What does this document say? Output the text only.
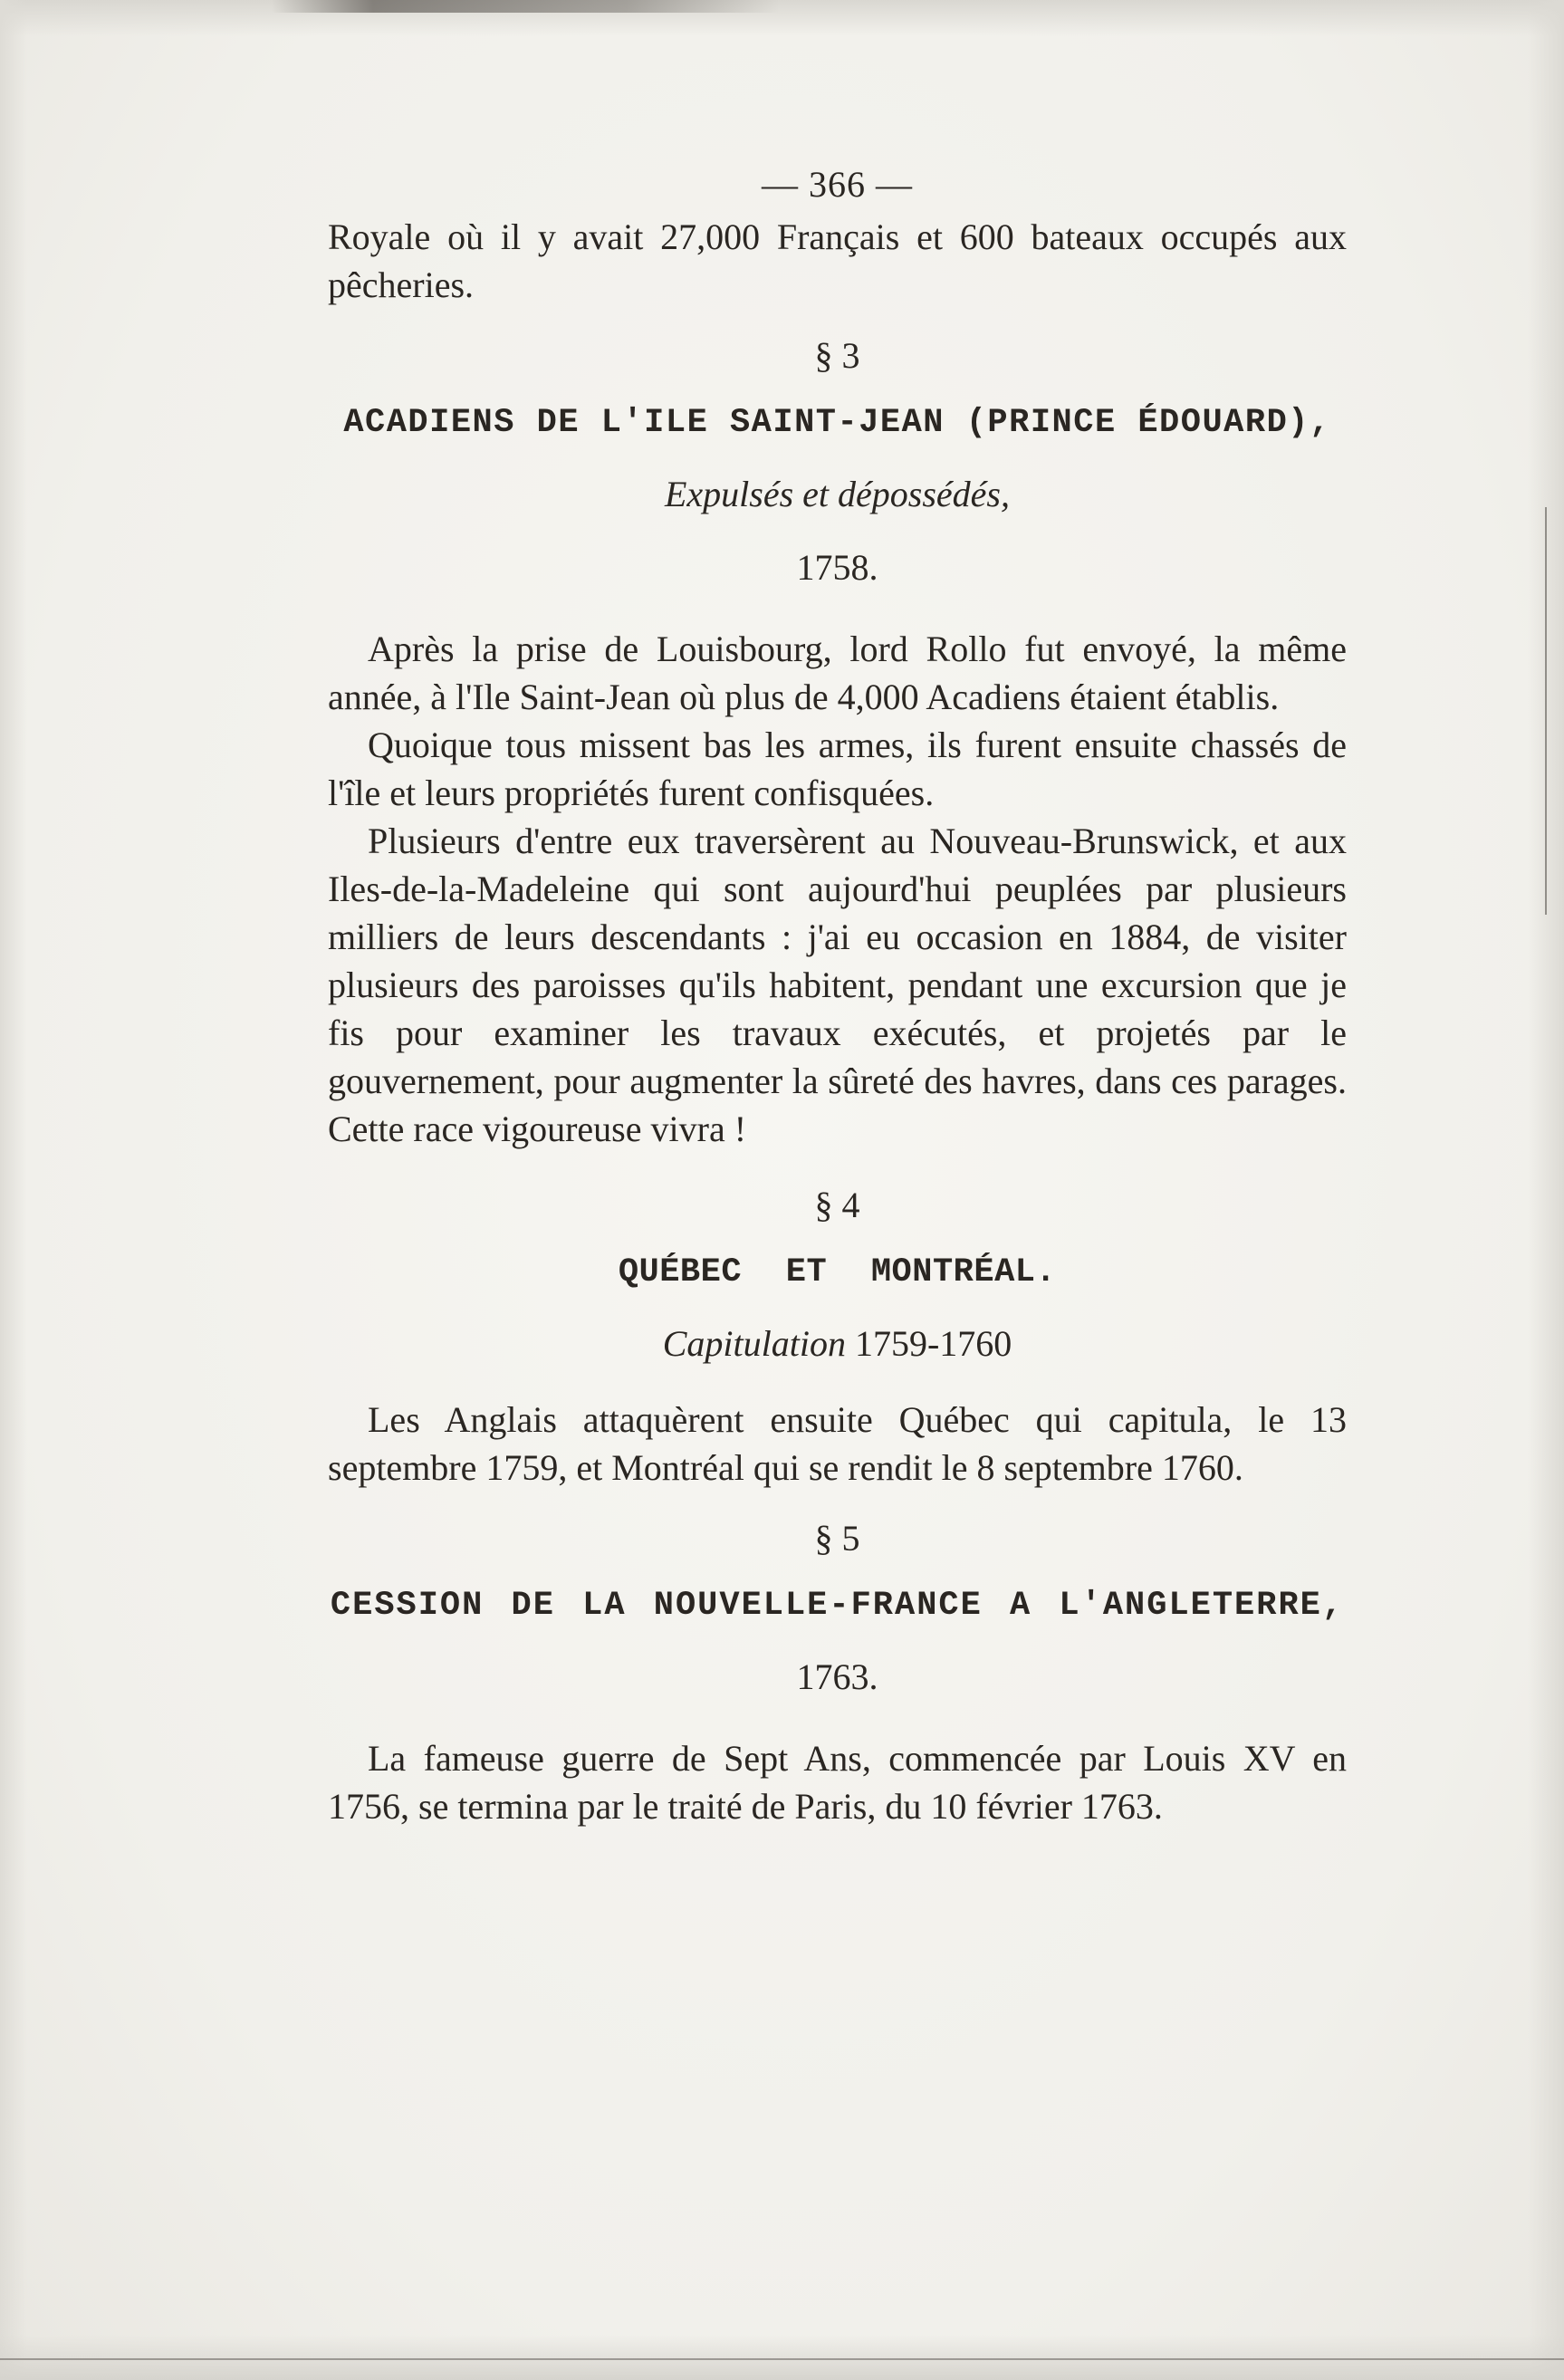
— 366 —

Royale où il y avait 27,000 Français et 600 bateaux occupés aux pêcheries.

§ 3
ACADIENS DE L'ILE SAINT-JEAN (PRINCE ÉDOUARD),
Expulsés et dépossédés,
1758.

Après la prise de Louisbourg, lord Rollo fut envoyé, la même année, à l'Ile Saint-Jean où plus de 4,000 Acadiens étaient établis.

Quoique tous missent bas les armes, ils furent ensuite chassés de l'île et leurs propriétés furent confisquées.

Plusieurs d'entre eux traversèrent au Nouveau-Brunswick, et aux Iles-de-la-Madeleine qui sont aujourd'hui peuplées par plusieurs milliers de leurs descendants : j'ai eu occasion en 1884, de visiter plusieurs des paroisses qu'ils habitent, pendant une excursion que je fis pour examiner les travaux exécutés, et projetés par le gouvernement, pour augmenter la sûreté des havres, dans ces parages. Cette race vigoureuse vivra !

§ 4
QUÉBEC ET MONTRÉAL.
Capitulation 1759-1760

Les Anglais attaquèrent ensuite Québec qui capitula, le 13 septembre 1759, et Montréal qui se rendit le 8 septembre 1760.

§ 5
CESSION DE LA NOUVELLE-FRANCE A L'ANGLETERRE,
1763.

La fameuse guerre de Sept Ans, commencée par Louis XV en 1756, se termina par le traité de Paris, du 10 février 1763.
